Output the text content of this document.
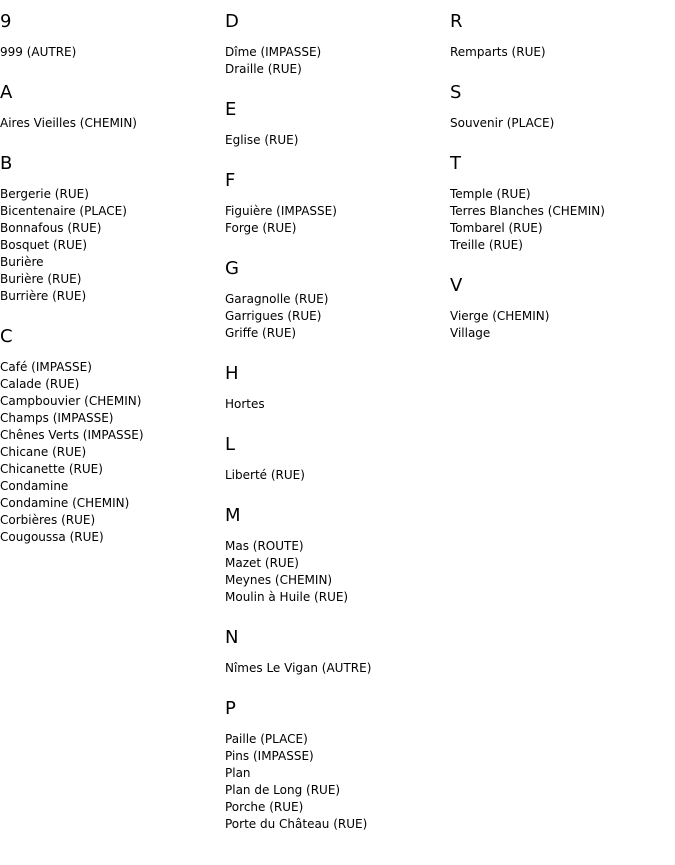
9
999 (AUTRE)
A
Aires Vieilles (CHEMIN)
B
Bergerie (RUE)
Bicentenaire (PLACE)
Bonnafous (RUE)
Bosquet (RUE)
Burière
Burière (RUE)
Burrière (RUE)
C
Café (IMPASSE)
Calade (RUE)
Campbouvier (CHEMIN)
Champs (IMPASSE)
Chênes Verts (IMPASSE)
Chicane (RUE)
Chicanette (RUE)
Condamine
Condamine (CHEMIN)
Corbières (RUE)
Cougoussa (RUE)
D
Dîme (IMPASSE)
Draille (RUE)
E
Eglise (RUE)
F
Figuière (IMPASSE)
Forge (RUE)
G
Garagnolle (RUE)
Garrigues (RUE)
Griffe (RUE)
H
Hortes
L
Liberté (RUE)
M
Mas (ROUTE)
Mazet (RUE)
Meynes (CHEMIN)
Moulin à Huile (RUE)
N
Nîmes Le Vigan (AUTRE)
P
Paille (PLACE)
Pins (IMPASSE)
Plan
Plan de Long (RUE)
Porche (RUE)
Porte du Château (RUE)
R
Remparts (RUE)
S
Souvenir (PLACE)
T
Temple (RUE)
Terres Blanches (CHEMIN)
Tombarel (RUE)
Treille (RUE)
V
Vierge (CHEMIN)
Village
